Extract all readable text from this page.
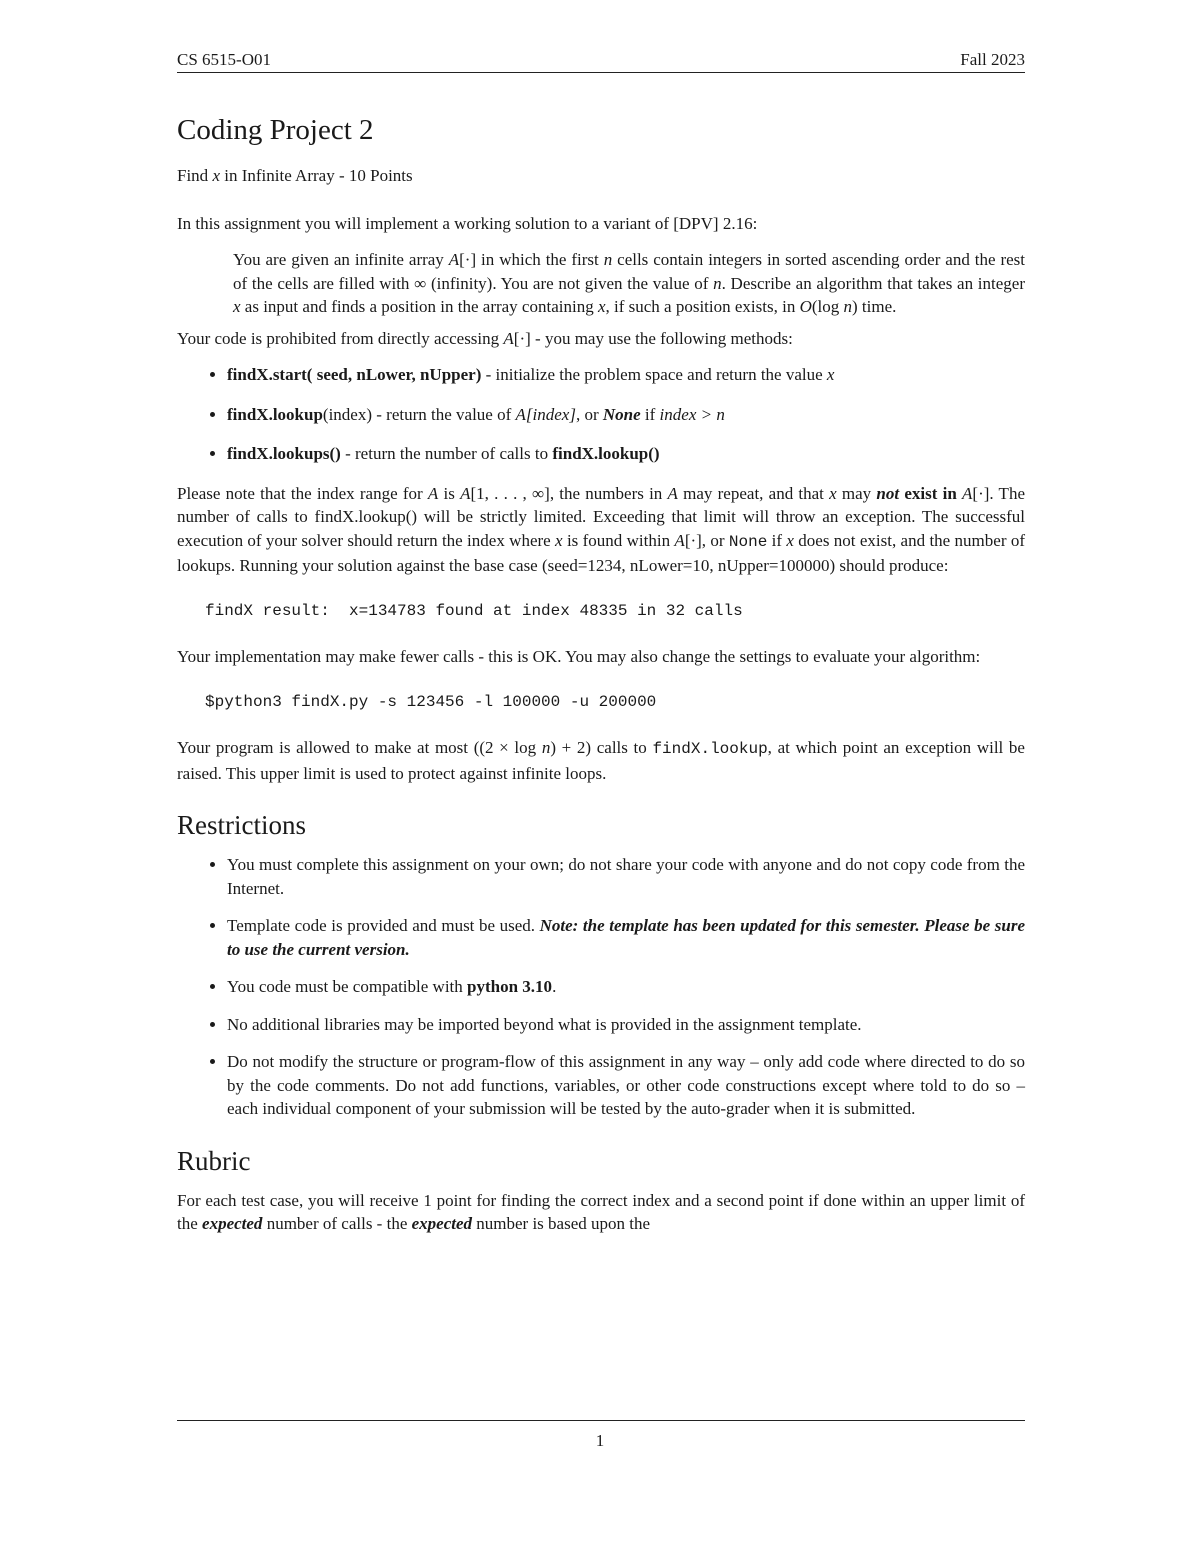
CS 6515-O01	Fall 2023
Coding Project 2

Find x in Infinite Array - 10 Points

In this assignment you will implement a working solution to a variant of [DPV] 2.16:

You are given an infinite array A[·] in which the first n cells contain integers in sorted ascending order and the rest of the cells are filled with ∞ (infinity). You are not given the value of n. Describe an algorithm that takes an integer x as input and finds a position in the array containing x, if such a position exists, in O(log n) time.

Your code is prohibited from directly accessing A[·] - you may use the following methods:

• findX.start( seed, nLower, nUpper) - initialize the problem space and return the value x
• findX.lookup(index) - return the value of A[index], or None if index > n
• findX.lookups() - return the number of calls to findX.lookup()

Please note that the index range for A is A[1, . . . , ∞], the numbers in A may repeat, and that x may not exist in A[·]. The number of calls to findX.lookup() will be strictly limited. Exceeding that limit will throw an exception. The successful execution of your solver should return the index where x is found within A[·], or None if x does not exist, and the number of lookups. Running your solution against the base case (seed=1234, nLower=10, nUpper=100000) should produce:

findX result:  x=134783 found at index 48335 in 32 calls

Your implementation may make fewer calls - this is OK. You may also change the settings to evaluate your algorithm:

$python3 findX.py -s 123456 -l 100000 -u 200000

Your program is allowed to make at most ((2 × log n) + 2) calls to findX.lookup, at which point an exception will be raised. This upper limit is used to protect against infinite loops.

Restrictions
• You must complete this assignment on your own; do not share your code with anyone and do not copy code from the Internet.
• Template code is provided and must be used. Note: the template has been updated for this semester. Please be sure to use the current version.
• You code must be compatible with python 3.10.
• No additional libraries may be imported beyond what is provided in the assignment template.
• Do not modify the structure or program-flow of this assignment in any way – only add code where directed to do so by the code comments. Do not add functions, variables, or other code constructions except where told to do so – each individual component of your submission will be tested by the auto-grader when it is submitted.
Rubric

For each test case, you will receive 1 point for finding the correct index and a second point if done within an upper limit of the expected number of calls - the expected number is based upon the

1
